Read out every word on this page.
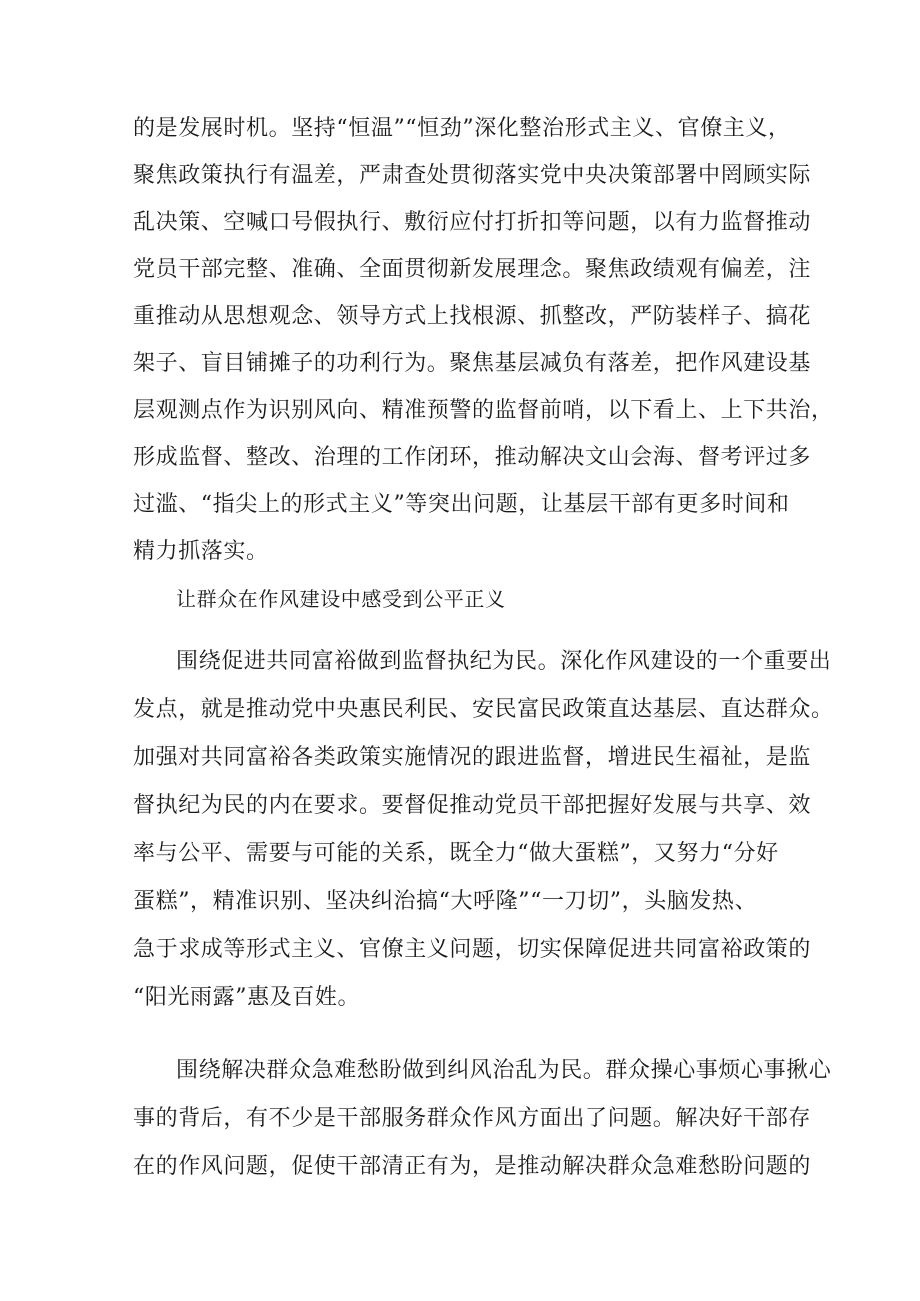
的是发展时机。坚持“恒温”“恒劲”深化整治形式主义、官僚主义，
聚焦政策执行有温差，严肃查处贯彻落实党中央决策部署中罔顾实际
乱决策、空喊口号假执行、敷衍应付打折扣等问题，以有力监督推动
党员干部完整、准确、全面贯彻新发展理念。聚焦政绩观有偏差，注
重推动从思想观念、领导方式上找根源、抓整改，严防装样子、搞花
架子、盲目铺摊子的功利行为。聚焦基层减负有落差，把作风建设基
层观测点作为识别风向、精准预警的监督前哨，以下看上、上下共治，
形成监督、整改、治理的工作闭环，推动解决文山会海、督考评过多
过滥、“指尖上的形式主义”等突出问题，让基层干部有更多时间和
精力抓落实。
让群众在作风建设中感受到公平正义
围绕促进共同富裕做到监督执纪为民。深化作风建设的一个重要出
发点，就是推动党中央惠民利民、安民富民政策直达基层、直达群众。
加强对共同富裕各类政策实施情况的跟进监督，增进民生福祉，是监
督执纪为民的内在要求。要督促推动党员干部把握好发展与共享、效
率与公平、需要与可能的关系，既全力“做大蛋糕”，又努力“分好
蛋糕”，精准识别、坚决纠治搞“大呼隆”“一刀切”，头脑发热、
急于求成等形式主义、官僚主义问题，切实保障促进共同富裕政策的
“阳光雨露”惠及百姓。
围绕解决群众急难愁盼做到纠风治乱为民。群众操心事烦心事揪心
事的背后，有不少是干部服务群众作风方面出了问题。解决好干部存
在的作风问题，促使干部清正有为，是推动解决群众急难愁盼问题的
